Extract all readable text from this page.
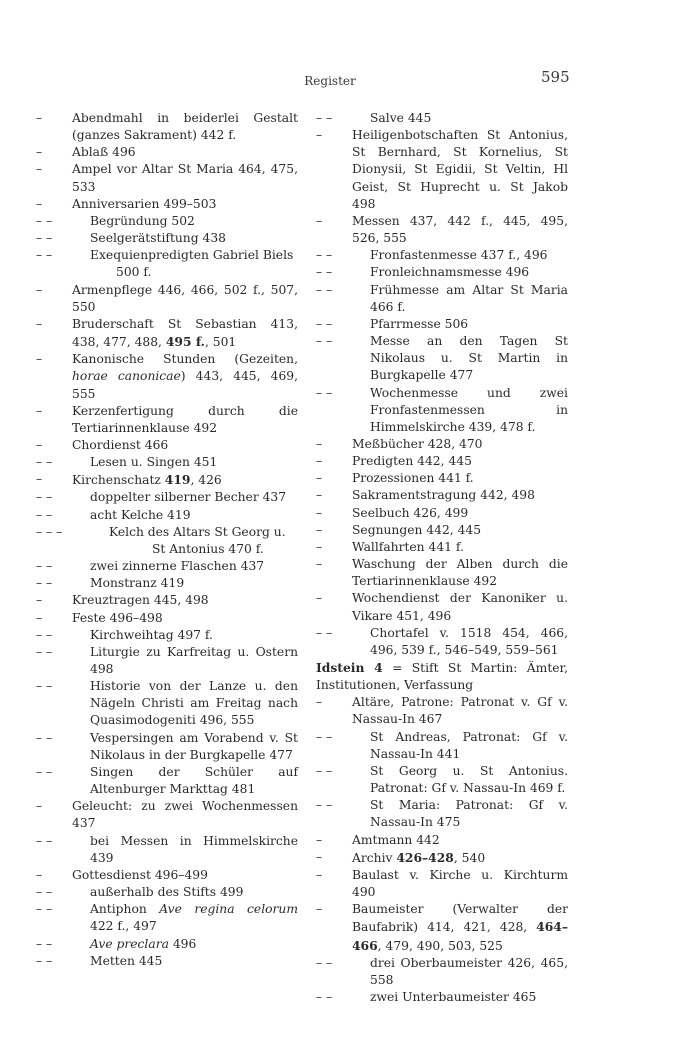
Register	595

– Abendmahl in beiderlei Gestalt (ganzes Sakrament) 442 f.

– Ablaß 496

– Ampel vor Altar St Maria 464, 475, 533

– Anniversarien 499–503

– –	Begründung 502

– –	Seelgerätstiftung 438

– –	Exequienpredigten Gabriel Biels
500 f.

– Armenpflege 446, 466, 502 f., 507, 550

– Bruderschaft St Sebastian 413, 438, 477, 488, 495 f., 501

– Kanonische Stunden (Gezeiten, horae canonicae) 443, 445, 469, 555

– Kerzenfertigung durch die Tertiarinnenklause 492

– Chordienst 466

– –	Lesen u. Singen 451

– Kirchenschatz 419, 426

– –	doppelter silberner Becher 437

– –	acht Kelche 419

– – –	Kelch des Altars St Georg u.
St Antonius 470 f.

– –	zwei zinnerne Flaschen 437

– –	Monstranz 419

– Kreuztragen 445, 498

– Feste 496–498

– –	Kirchweihtag 497 f.

– –	Liturgie zu Karfreitag u. Ostern 498

– –	Historie von der Lanze u. den Nägeln Christi am Freitag nach Quasimodogeniti 496, 555

– –	Vespersingen am Vorabend v. St Nikolaus in der Burgkapelle 477

– –	Singen der Schüler auf Altenburger Markttag 481

– Geleucht: zu zwei Wochenmessen 437

– –	bei Messen in Himmelskirche 439

– Gottesdienst 496–499

– –	außerhalb des Stifts 499

– –	Antiphon Ave regina celorum 422 f., 497

– –	Ave preclara 496

– –	Metten 445

– –	Salve 445

– Heiligenbotschaften St Antonius, St Bernhard, St Kornelius, St Dionysii, St Egidii, St Veltin, Hl Geist, St Huprecht u. St Jakob 498

– Messen 437, 442 f., 445, 495, 526, 555

– –	Fronfastenmesse 437 f., 496

– –	Fronleichnamsmesse 496

– –	Frühmesse am Altar St Maria 466 f.

– –	Pfarrmesse 506

– –	Messe an den Tagen St Nikolaus u. St Martin in Burgkapelle 477

– –	Wochenmesse und zwei Fronfastenmessen in Himmelskirche 439, 478 f.

– Meßbücher 428, 470

– Predigten 442, 445

– Prozessionen 441 f.

– Sakramentstragung 442, 498

– Seelbuch 426, 499

– Segnungen 442, 445

– Wallfahrten 441 f.

– Waschung der Alben durch die Tertiarinnenklause 492

– Wochendienst der Kanoniker u. Vikare 451, 496

– –	Chortafel v. 1518 454, 466, 496, 539 f., 546–549, 559–561

Idstein 4 = Stift St Martin: Ämter, Institutionen, Verfassung

– Altäre, Patrone: Patronat v. Gf v. Nassau-In 467

– –	St Andreas, Patronat: Gf v. Nassau-In 441

– –	St Georg u. St Antonius. Patronat: Gf v. Nassau-In 469 f.

– –	St Maria: Patronat: Gf v. Nassau-In 475

– Amtmann 442

– Archiv 426–428, 540

– Baulast v. Kirche u. Kirchturm 490

– Baumeister (Verwalter der Baufabrik) 414, 421, 428, 464–466, 479, 490, 503, 525

– –	drei Oberbaumeister 426, 465, 558

– –	zwei Unterbaumeister 465
